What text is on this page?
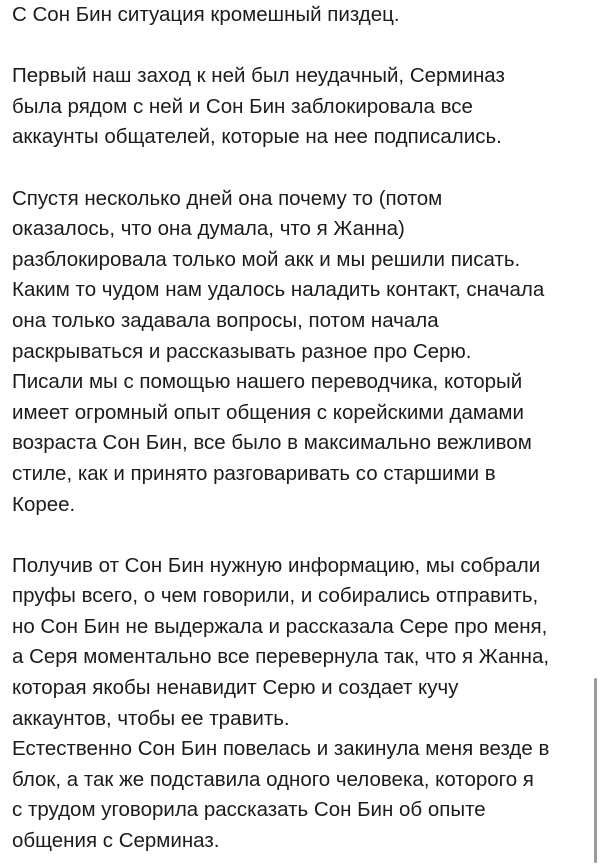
С Сон Бин ситуация кромешный пиздец.
Первый наш заход к ней был неудачный, Серминаз
была рядом с ней и Сон Бин заблокировала все
аккаунты общателей, которые на нее подписались.
Спустя несколько дней она почему то (потом
оказалось, что она думала, что я Жанна)
разблокировала только мой акк и мы решили писать.
Каким то чудом нам удалось наладить контакт, сначала
она только задавала вопросы, потом начала
раскрываться и рассказывать разное про Серю.
Писали мы с помощью нашего переводчика, который
имеет огромный опыт общения с корейскими дамами
возраста Сон Бин, все было в максимально вежливом
стиле, как и принято разговаривать со старшими в
Корее.
Получив от Сон Бин нужную информацию, мы собрали
пруфы всего, о чем говорили, и собирались отправить,
но Сон Бин не выдержала и рассказала Сере про меня,
а Серя моментально все перевернула так, что я Жанна,
которая якобы ненавидит Серю и создает кучу
аккаунтов, чтобы ее травить.
Естественно Сон Бин повелась и закинула меня везде в
блок, а так же подставила одного человека, которого я
с трудом уговорила рассказать Сон Бин об опыте
общения с Серминаз.
